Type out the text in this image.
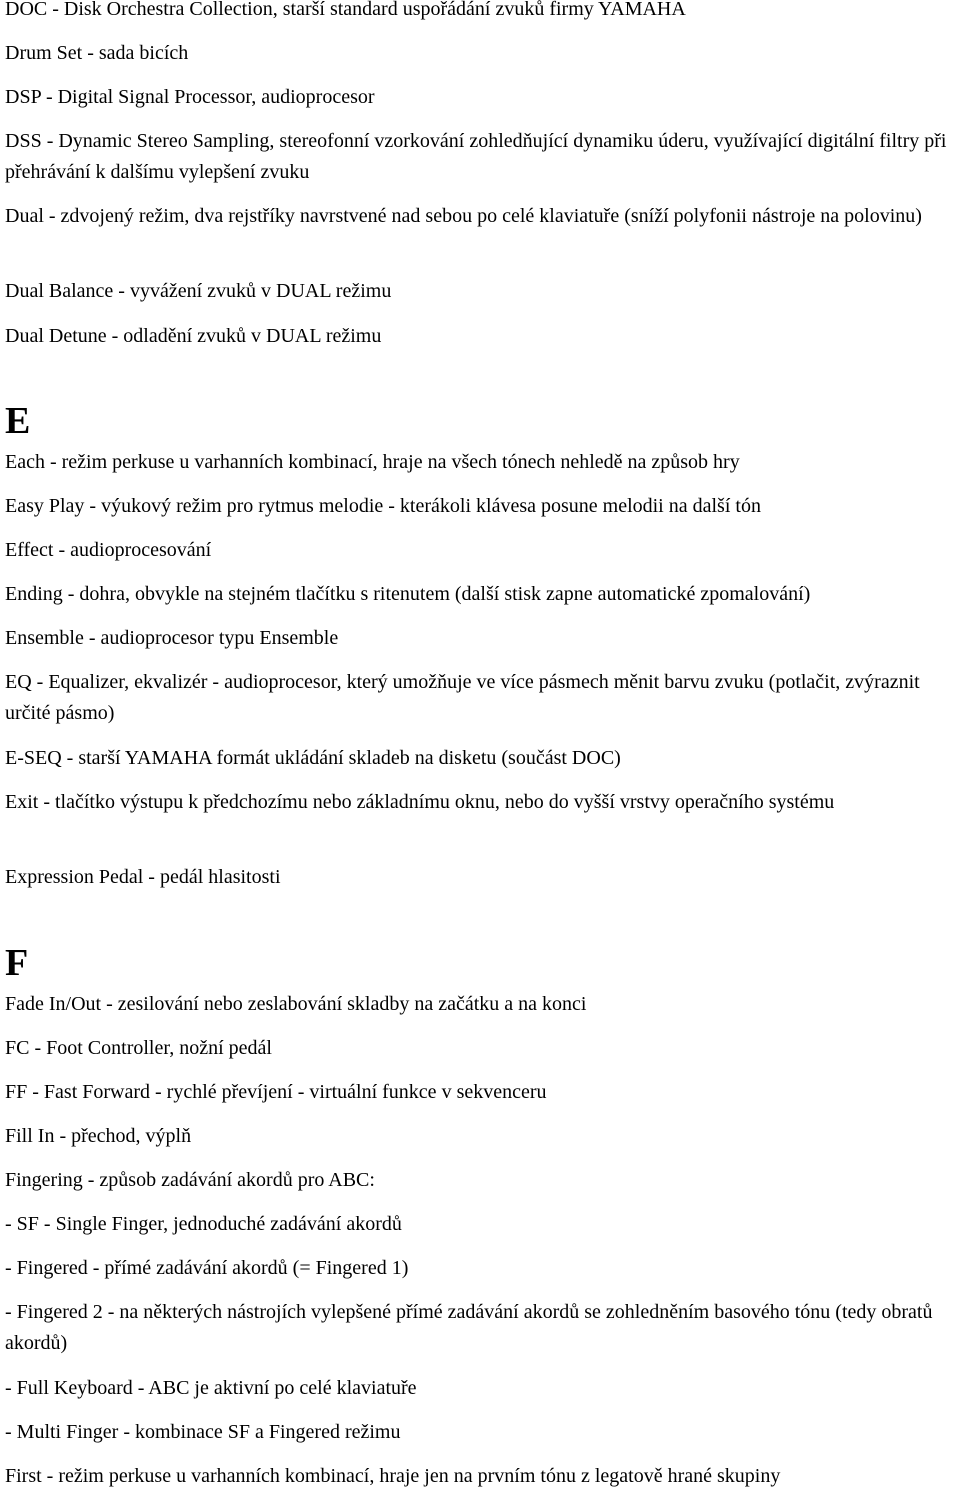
DOC - Disk Orchestra Collection, starší standard uspořádání zvuků firmy YAMAHA

Drum Set - sada bicích

DSP - Digital Signal Processor, audioprocesor

DSS - Dynamic Stereo Sampling, stereofonní vzorkování zohledňující dynamiku úderu, využívající digitální filtry při přehrávání k dalšímu vylepšení zvuku

Dual - zdvojený režim, dva rejstříky navrstvené nad sebou po celé klaviatuře (sníží polyfonii nástroje na polovinu)

Dual Balance - vyvážení zvuků v DUAL režimu

Dual Detune - odladění zvuků v DUAL režimu

E

Each - režim perkuse u varhanních kombinací, hraje na všech tónech nehledě na způsob hry

Easy Play - výukový režim pro rytmus melodie - kterákoli klávesa posune melodii na další tón

Effect - audioprocesování

Ending - dohra, obvykle na stejném tlačítku s ritenutem (další stisk zapne automatické zpomalování)

Ensemble - audioprocesor typu Ensemble

EQ - Equalizer, ekvalizér - audioprocesor, který umožňuje ve více pásmech měnit barvu zvuku (potlačit, zvýraznit určité pásmo)

E-SEQ - starší YAMAHA formát ukládání skladeb na disketu (součást DOC)

Exit - tlačítko výstupu k předchozímu nebo základnímu oknu, nebo do vyšší vrstvy operačního systému

Expression Pedal - pedál hlasitosti

F

Fade In/Out - zesilování nebo zeslabování skladby na začátku a na konci

FC - Foot Controller, nožní pedál

FF - Fast Forward - rychlé převíjení - virtuální funkce v sekvenceru

Fill In - přechod, výplň

Fingering - způsob zadávání akordů pro ABC:

- SF - Single Finger, jednoduché zadávání akordů

- Fingered - přímé zadávání akordů (= Fingered 1)

- Fingered 2 - na některých nástrojích vylepšené přímé zadávání akordů se zohledněním basového tónu (tedy obratů akordů)

- Full Keyboard - ABC je aktivní po celé klaviatuře

- Multi Finger - kombinace SF a Fingered režimu

First - režim perkuse u varhanních kombinací, hraje jen na prvním tónu z legatově hrané skupiny
